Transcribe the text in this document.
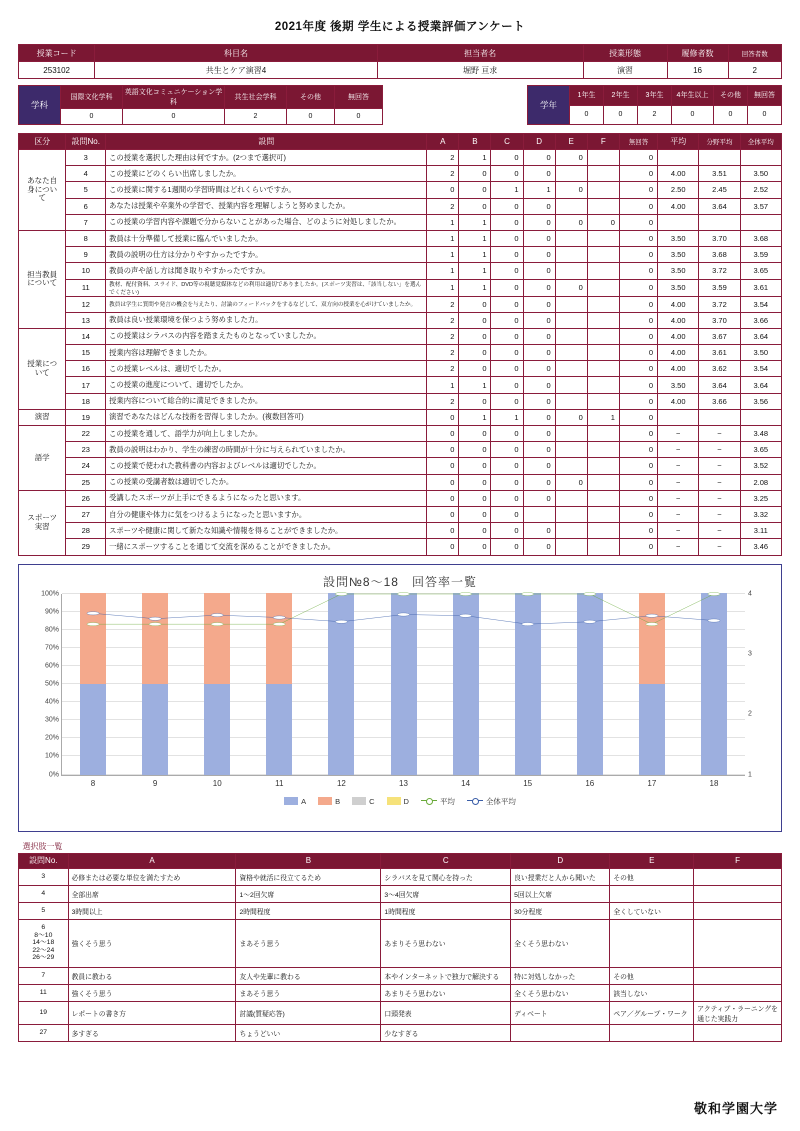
2021年度 後期 学生による授業評価アンケート
授業コード	科目名	担当者名	授業形態	履修者数	回答者数
253102	共生とケア演習4	堀野 亘求	演習	16	2
学科	国際文化学科	英語文化コミュニケーション学科	共生社会学科	その他	無回答
	0	0	2	0	0
学年	1年生	2年生	3年生	4年生以上	その他	無回答
	0	0	2	0	0	0
区分	設問No.	設問	A	B	C	D	E	F	無回答	平均	分野平均	全体平均
あなた自身について	3	この授業を選択した理由は何ですか。(2つまで選択可)	2	1	0	0	0		0			
	4	この授業にどのくらい出席しましたか。	2	0	0	0			0	4.00	3.51	3.50
	5	この授業に関する1週間の学習時間はどれくらいですか。	0	0	1	1	0		0	2.50	2.45	2.52
	6	あなたは授業や卒業外の学習で、授業内容を理解しようと努めましたか。	2	0	0	0			0	4.00	3.64	3.57
	7	この授業の学習内容や課題で分からないことがあった場合、どのように対処しましたか。	1	1	0	0	0	0	0			
担当教員について	8	教員は十分準備して授業に臨んでいましたか。	1	1	0	0			0	3.50	3.70	3.68
	9	教員の説明の仕方は分かりやすかったですか。	1	1	0	0			0	3.50	3.68	3.59
	10	教員の声や話し方は聞き取りやすかったですか。	1	1	0	0			0	3.50	3.72	3.65
	11	教材、配付資料、スライド、DVD等の視聴覚媒体などの利用は適切でありましたか。(スポーツ実習は、「該当しない」を選んでください)	1	1	0	0	0		0	3.50	3.59	3.61
	12	教員は学生に質問や発言の機会を与えたり、討論のフィードバックをするなどして、双方向の授業を心がけていましたか。	2	0	0	0			0	4.00	3.72	3.54
	13	教員は良い授業環境を保つよう努めました力。	2	0	0	0			0	4.00	3.70	3.66
授業について	14	この授業はシラバスの内容を踏まえたものとなっていましたか。	2	0	0	0			0	4.00	3.67	3.64
	15	授業内容は理解できましたか。	2	0	0	0			0	4.00	3.61	3.50
	16	この授業レベルは、適切でしたか。	2	0	0	0			0	4.00	3.62	3.54
	17	この授業の進度について、適切でしたか。	1	1	0	0			0	3.50	3.64	3.64
	18	授業内容について総合的に満足できましたか。	2	0	0	0			0	4.00	3.66	3.56
演習	19	演習であなたはどんな技術を習得しましたか。(複数回答可)	0	1	1	0	0	1	0			
語学	22	この授業を通して、語学力が向上しましたか。	0	0	0	0			0	−	−	3.48
	23	教員の説明はわかり、学生の練習の時間が十分に与えられていましたか。	0	0	0	0			0	−	−	3.65
	24	この授業で使われた教科書の内容およびレベルは適切でしたか。	0	0	0	0			0	−	−	3.52
	25	この授業の受講者数は適切でしたか。	0	0	0	0	0		0	−	−	2.08
スポーツ実習	26	受講したスポーツが上手にできるようになったと思います。	0	0	0	0			0	−	−	3.25
	27	自分の健康や体力に気をつけるようになったと思いますか。	0	0	0				0	−	−	3.32
	28	スポーツや健康に関して新たな知識や情報を得ることができましたか。	0	0	0	0			0	−	−	3.11
	29	一緒にスポーツすることを通じて交流を深めることができましたか。	0	0	0	0			0	−	−	3.46
設問№8～18　回答率一覧
0%
10%
20%
30%
40%
50%
60%
70%
80%
90%
100%
1
2
3
4
8	9	10	11	12	13	14	15	16	17	18
A	B	C	D	平均	全体平均
選択肢一覧						
設問No.	A	B	C	D	E	F
3	必修または必要な単位を満たすため	資格や就活に役立てるため	シラバスを見て関心を持った	良い授業だと人から聞いた	その他	
4	全部出席	1～2回欠席	3～4回欠席	5回以上欠席		
5	3時間以上	2時間程度	1時間程度	30分程度	全くしていない	
6
8～10
14～18
22～24
26～29	強くそう思う	まあそう思う	あまりそう思わない	全くそう思わない		
7	教員に教わる	友人や先輩に教わる	本やインターネットで独力で解決する	特に対処しなかった	その他	
11	強くそう思う	まあそう思う	あまりそう思わない	全くそう思わない	該当しない	
19	レポートの書き方	討議(質疑応答)	口頭発表	ディベート	ペア／グループ・ワーク	アクティブ・ラーニングを通じた実践力
27	多すぎる	ちょうどいい	少なすぎる			
敬和学園大学
